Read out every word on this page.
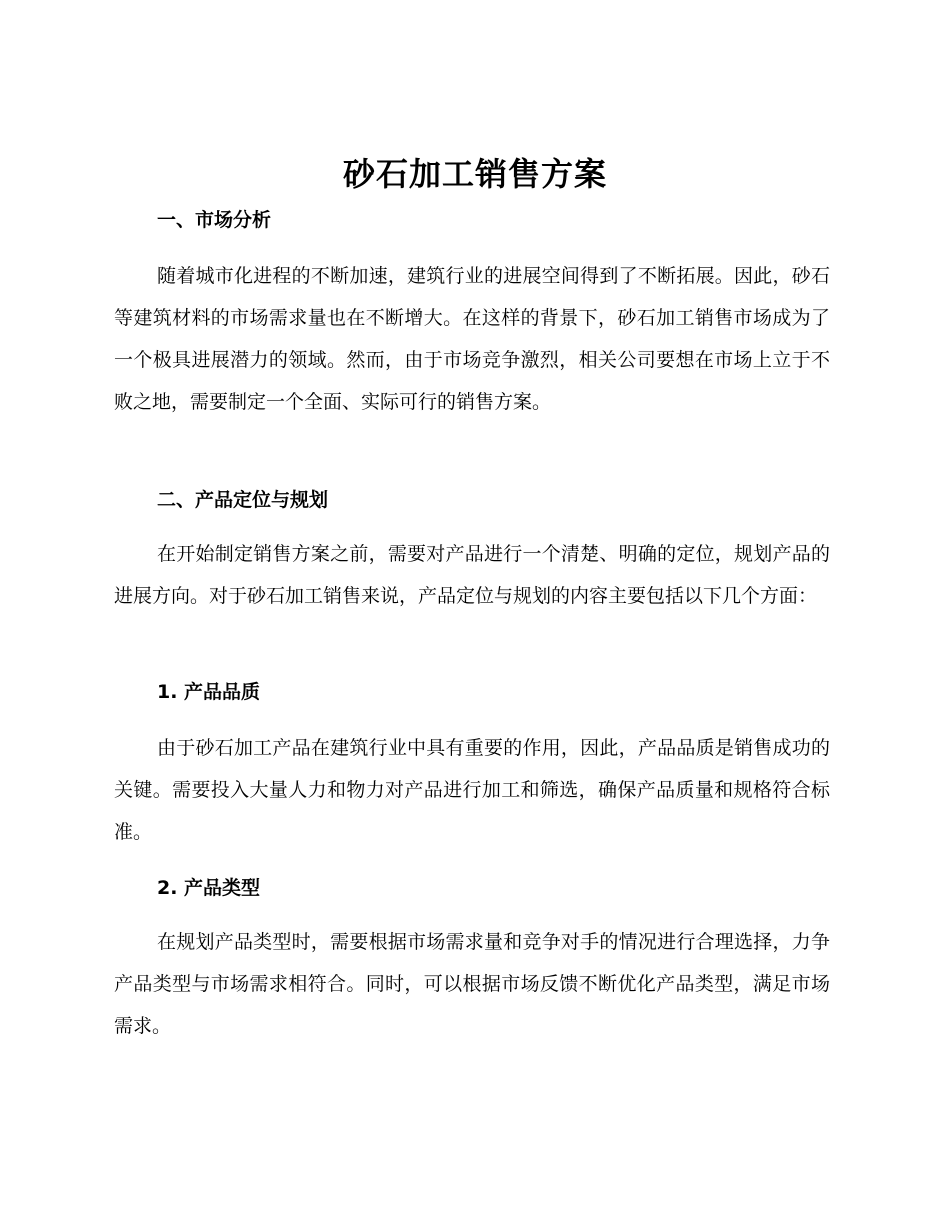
砂石加工销售方案
一、市场分析

随着城市化进程的不断加速，建筑行业的进展空间得到了不断拓展。因此，砂石等建筑材料的市场需求量也在不断增大。在这样的背景下，砂石加工销售市场成为了一个极具进展潜力的领域。然而，由于市场竞争激烈，相关公司要想在市场上立于不败之地，需要制定一个全面、实际可行的销售方案。

二、产品定位与规划

在开始制定销售方案之前，需要对产品进行一个清楚、明确的定位，规划产品的进展方向。对于砂石加工销售来说，产品定位与规划的内容主要包括以下几个方面：

1. 产品品质

由于砂石加工产品在建筑行业中具有重要的作用，因此，产品品质是销售成功的关键。需要投入大量人力和物力对产品进行加工和筛选，确保产品质量和规格符合标准。

2. 产品类型

在规划产品类型时，需要根据市场需求量和竞争对手的情况进行合理选择，力争产品类型与市场需求相符合。同时，可以根据市场反馈不断优化产品类型，满足市场需求。
